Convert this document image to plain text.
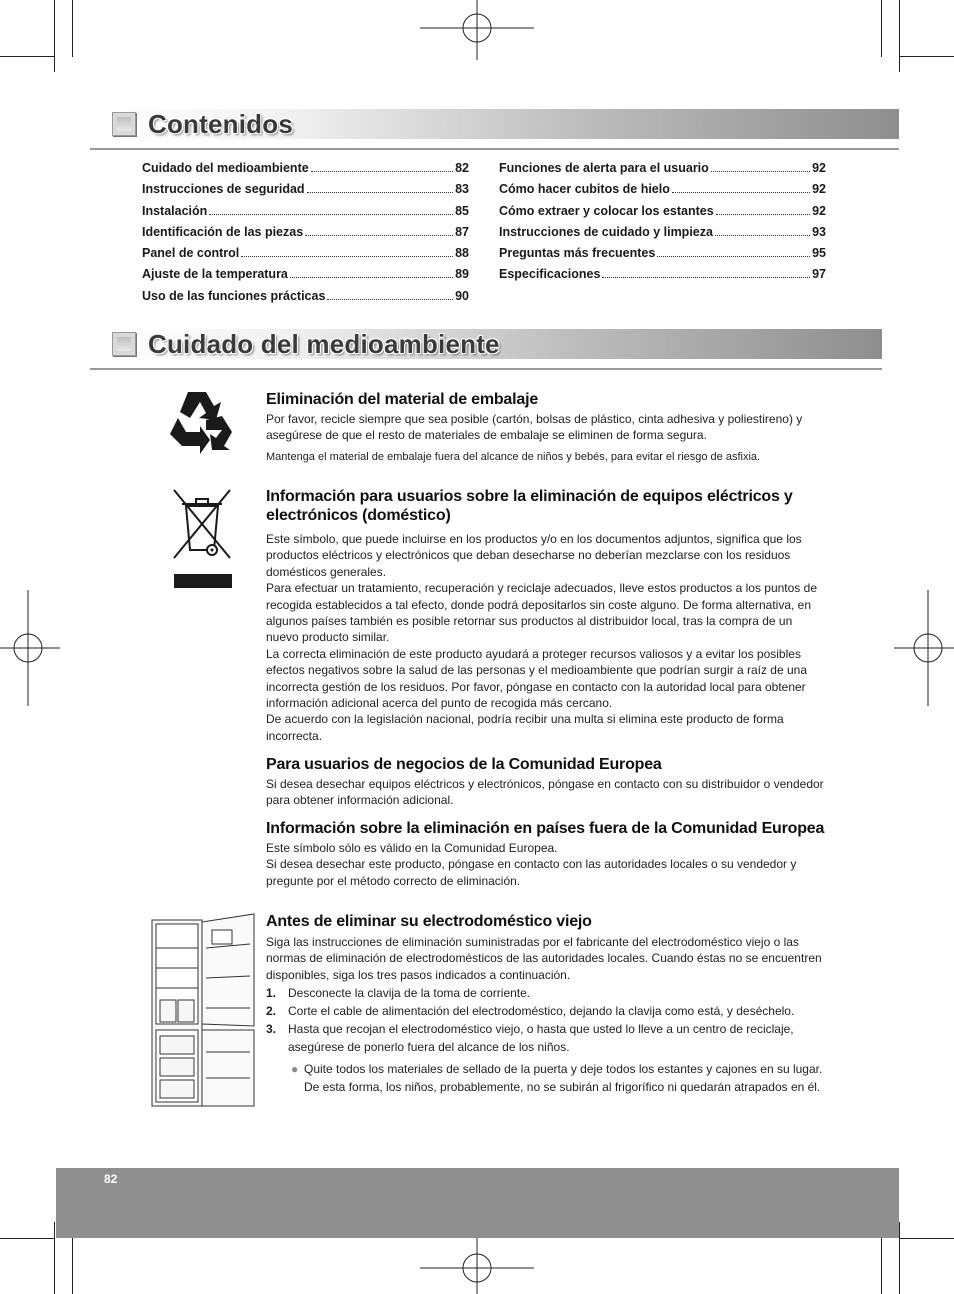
Contenidos
Cuidado del medioambiente	82
Instrucciones de seguridad	83
Instalación	85
Identificación de las piezas	87
Panel de control	88
Ajuste de la temperatura	89
Uso de las funciones prácticas	90
Funciones de alerta para el usuario	92
Cómo hacer cubitos de hielo	92
Cómo extraer y colocar los estantes	92
Instrucciones de cuidado y limpieza	93
Preguntas más frecuentes	95
Especificaciones	97
Cuidado del medioambiente
Eliminación del material de embalaje

Por favor, recicle siempre que sea posible (cartón, bolsas de plástico, cinta adhesiva y poliestireno) y asegúrese de que el resto de materiales de embalaje se eliminen de forma segura.

Mantenga el material de embalaje fuera del alcance de niños y bebés, para evitar el riesgo de asfixia.

Información para usuarios sobre la eliminación de equipos eléctricos y electrónicos (doméstico)

Este símbolo, que puede incluirse en los productos y/o en los documentos adjuntos, significa que los productos eléctricos y electrónicos que deban desecharse no deberían mezclarse con los residuos domésticos generales.

Para efectuar un tratamiento, recuperación y reciclaje adecuados, lleve estos productos a los puntos de recogida establecidos a tal efecto, donde podrá depositarlos sin coste alguno. De forma alternativa, en algunos países también es posible retornar sus productos al distribuidor local, tras la compra de un nuevo producto similar.

La correcta eliminación de este producto ayudará a proteger recursos valiosos y a evitar los posibles efectos negativos sobre la salud de las personas y el medioambiente que podrían surgir a raíz de una incorrecta gestión de los residuos. Por favor, póngase en contacto con la autoridad local para obtener información adicional acerca del punto de recogida más cercano.

De acuerdo con la legislación nacional, podría recibir una multa si elimina este producto de forma incorrecta.

Para usuarios de negocios de la Comunidad Europea

Si desea desechar equipos eléctricos y electrónicos, póngase en contacto con su distribuidor o vendedor para obtener información adicional.

Información sobre la eliminación en países fuera de la Comunidad Europea

Este símbolo sólo es válido en la Comunidad Europea.

Si desea desechar este producto, póngase en contacto con las autoridades locales o su vendedor y pregunte por el método correcto de eliminación.

Antes de eliminar su electrodoméstico viejo

Siga las instrucciones de eliminación suministradas por el fabricante del electrodoméstico viejo o las normas de eliminación de electrodomésticos de las autoridades locales. Cuando éstas no se encuentren disponibles, siga los tres pasos indicados a continuación.

1. Desconecte la clavija de la toma de corriente.
2. Corte el cable de alimentación del electrodoméstico, dejando la clavija como está, y deséchelo.
3. Hasta que recojan el electrodoméstico viejo, o hasta que usted lo lleve a un centro de reciclaje, asegúrese de ponerlo fuera del alcance de los niños.
● Quite todos los materiales de sellado de la puerta y deje todos los estantes y cajones en su lugar.
De esta forma, los niños, probablemente, no se subirán al frigorífico ni quedarán atrapados en él.
82
